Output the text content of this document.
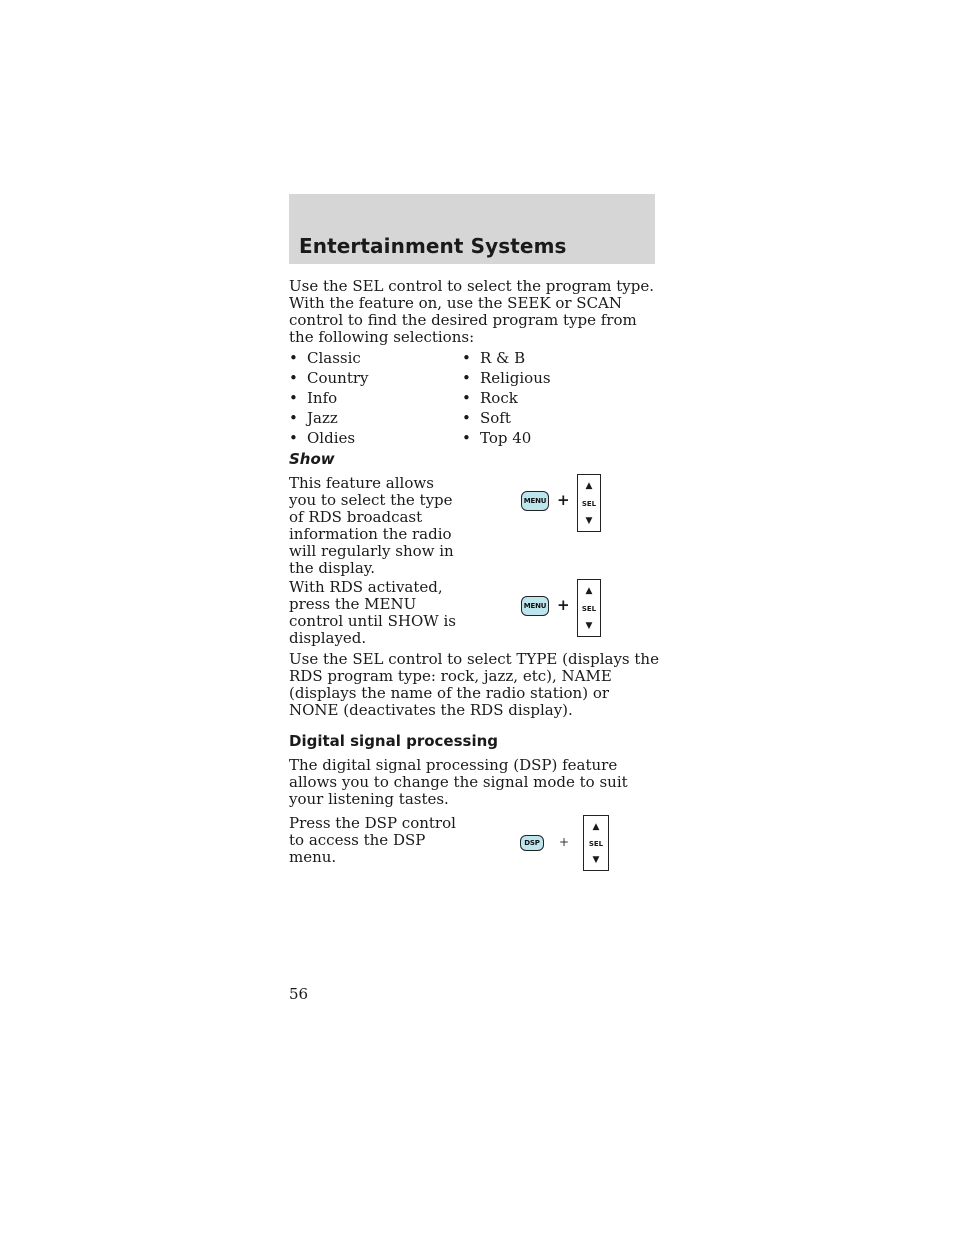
Entertainment Systems
Use the SEL control to select the program type. With the feature on, use the SEEK or SCAN control to find the desired program type from the following selections:
• Classic
• Country
• Info
• Jazz
• Oldies
• R & B
• Religious
• Rock
• Soft
• Top 40
Show
This feature allows you to select the type of RDS broadcast information the radio will regularly show in the display.
MENU +
▲
SEL
▼
With RDS activated, press the MENU control until SHOW is displayed.
MENU +
▲
SEL
▼
Use the SEL control to select TYPE (displays the RDS program type: rock, jazz, etc), NAME (displays the name of the radio station) or NONE (deactivates the RDS display).
Digital signal processing
The digital signal processing (DSP) feature allows you to change the signal mode to suit your listening tastes.
Press the DSP control to access the DSP menu.
DSP	+
▲
SEL
▼
56
